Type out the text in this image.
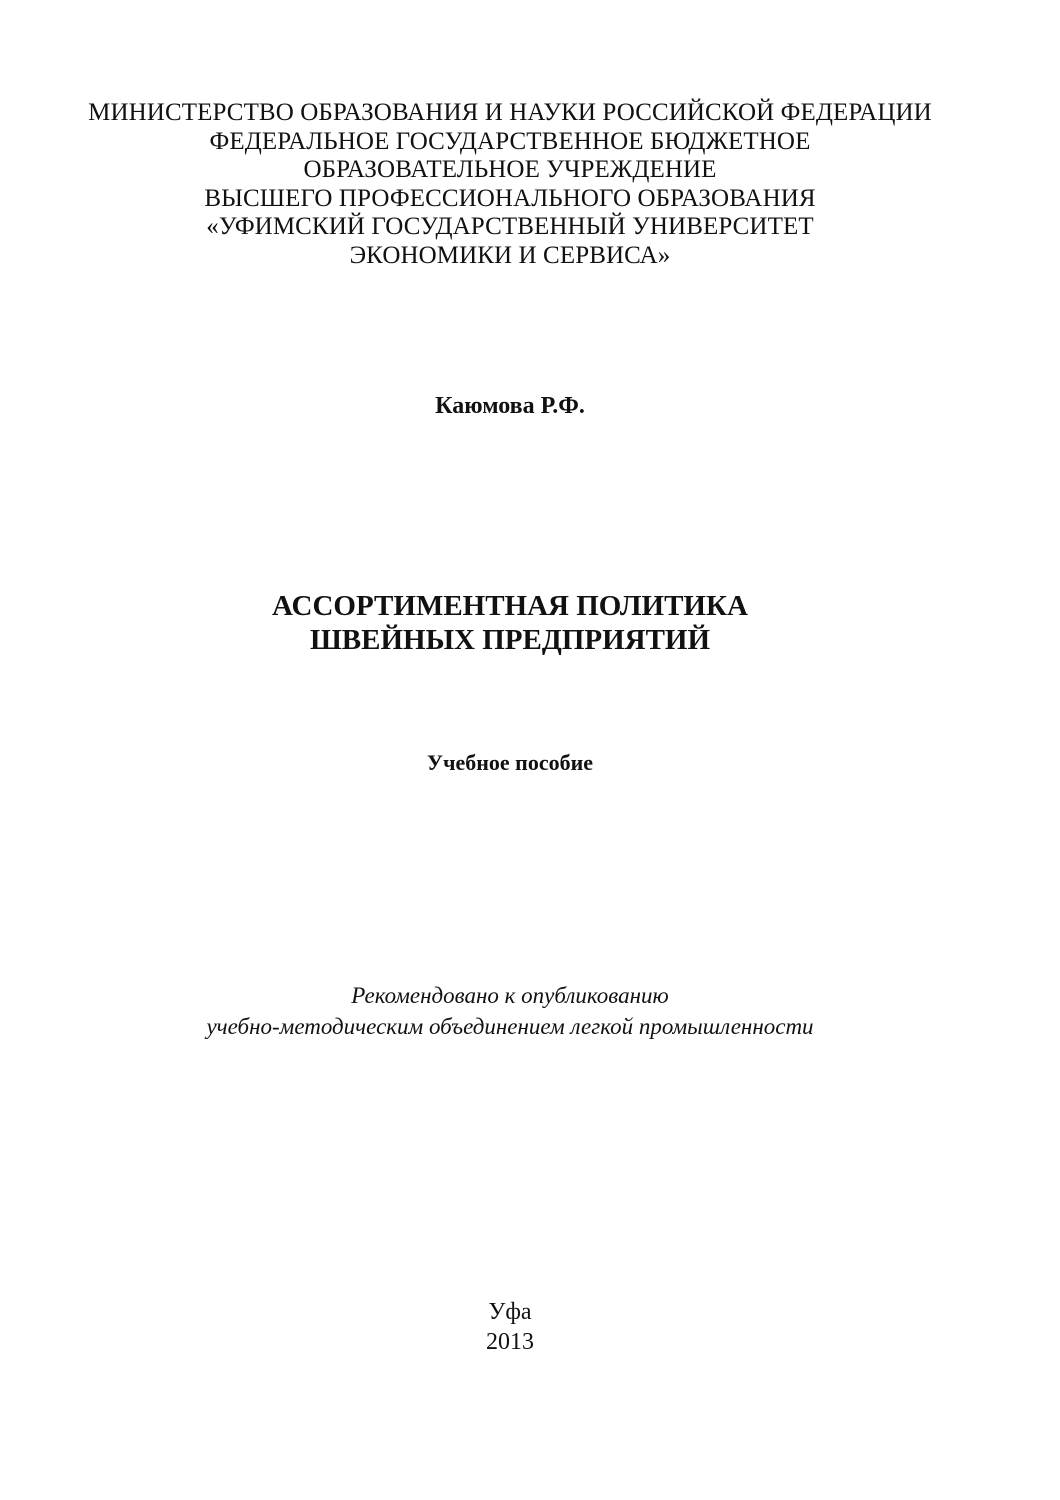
МИНИСТЕРСТВО ОБРАЗОВАНИЯ И НАУКИ РОССИЙСКОЙ ФЕДЕРАЦИИ
ФЕДЕРАЛЬНОЕ ГОСУДАРСТВЕННОЕ БЮДЖЕТНОЕ
ОБРАЗОВАТЕЛЬНОЕ УЧРЕЖДЕНИЕ
ВЫСШЕГО ПРОФЕССИОНАЛЬНОГО ОБРАЗОВАНИЯ
«УФИМСКИЙ ГОСУДАРСТВЕННЫЙ УНИВЕРСИТЕТ
ЭКОНОМИКИ И СЕРВИСА»
Каюмова Р.Ф.
АССОРТИМЕНТНАЯ ПОЛИТИКА
ШВЕЙНЫХ ПРЕДПРИЯТИЙ
Учебное пособие
Рекомендовано к опубликованию
учебно-методическим объединением легкой промышленности
Уфа
2013
